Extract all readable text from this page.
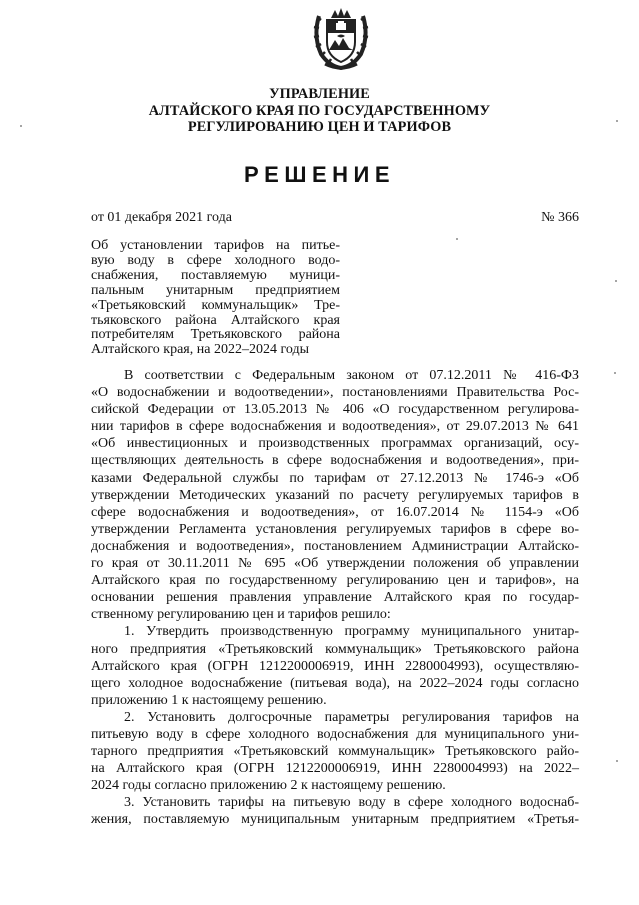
УПРАВЛЕНИЕ
АЛТАЙСКОГО КРАЯ ПО ГОСУДАРСТВЕННОМУ
РЕГУЛИРОВАНИЮ ЦЕН И ТАРИФОВ
РЕШЕНИЕ
от 01 декабря 2021 года	№ 366
Об установлении тарифов на питье-
вую воду в сфере холодного водо-
снабжения, поставляемую муници-
пальным унитарным предприятием
«Третьяковский коммунальщик» Тре-
тьяковского района Алтайского края
потребителям Третьяковского района
Алтайского края, на 2022–2024 годы
В соответствии с Федеральным законом от 07.12.2011 № 416-ФЗ
«О водоснабжении и водоотведении», постановлениями Правительства Рос-
сийской Федерации от 13.05.2013 № 406 «О государственном регулирова-
нии тарифов в сфере водоснабжения и водоотведения», от 29.07.2013 № 641
«Об инвестиционных и производственных программах организаций, осу-
ществляющих деятельность в сфере водоснабжения и водоотведения», при-
казами Федеральной службы по тарифам от 27.12.2013 № 1746-э «Об
утверждении Методических указаний по расчету регулируемых тарифов в
сфере водоснабжения и водоотведения», от 16.07.2014 № 1154-э «Об
утверждении Регламента установления регулируемых тарифов в сфере во-
доснабжения и водоотведения», постановлением Администрации Алтайско-
го края от 30.11.2011 № 695 «Об утверждении положения об управлении
Алтайского края по государственному регулированию цен и тарифов», на
основании решения правления управление Алтайского края по государ-
ственному регулированию цен и тарифов решило:
1. Утвердить производственную программу муниципального унитар-
ного предприятия «Третьяковский коммунальщик» Третьяковского района
Алтайского края (ОГРН 1212200006919, ИНН 2280004993), осуществляю-
щего холодное водоснабжение (питьевая вода), на 2022–2024 годы согласно
приложению 1 к настоящему решению.
2. Установить долгосрочные параметры регулирования тарифов на
питьевую воду в сфере холодного водоснабжения для муниципального уни-
тарного предприятия «Третьяковский коммунальщик» Третьяковского райо-
на Алтайского края (ОГРН 1212200006919, ИНН 2280004993) на 2022–
2024 годы согласно приложению 2 к настоящему решению.
3. Установить тарифы на питьевую воду в сфере холодного водоснаб-
жения, поставляемую муниципальным унитарным предприятием «Третья-
